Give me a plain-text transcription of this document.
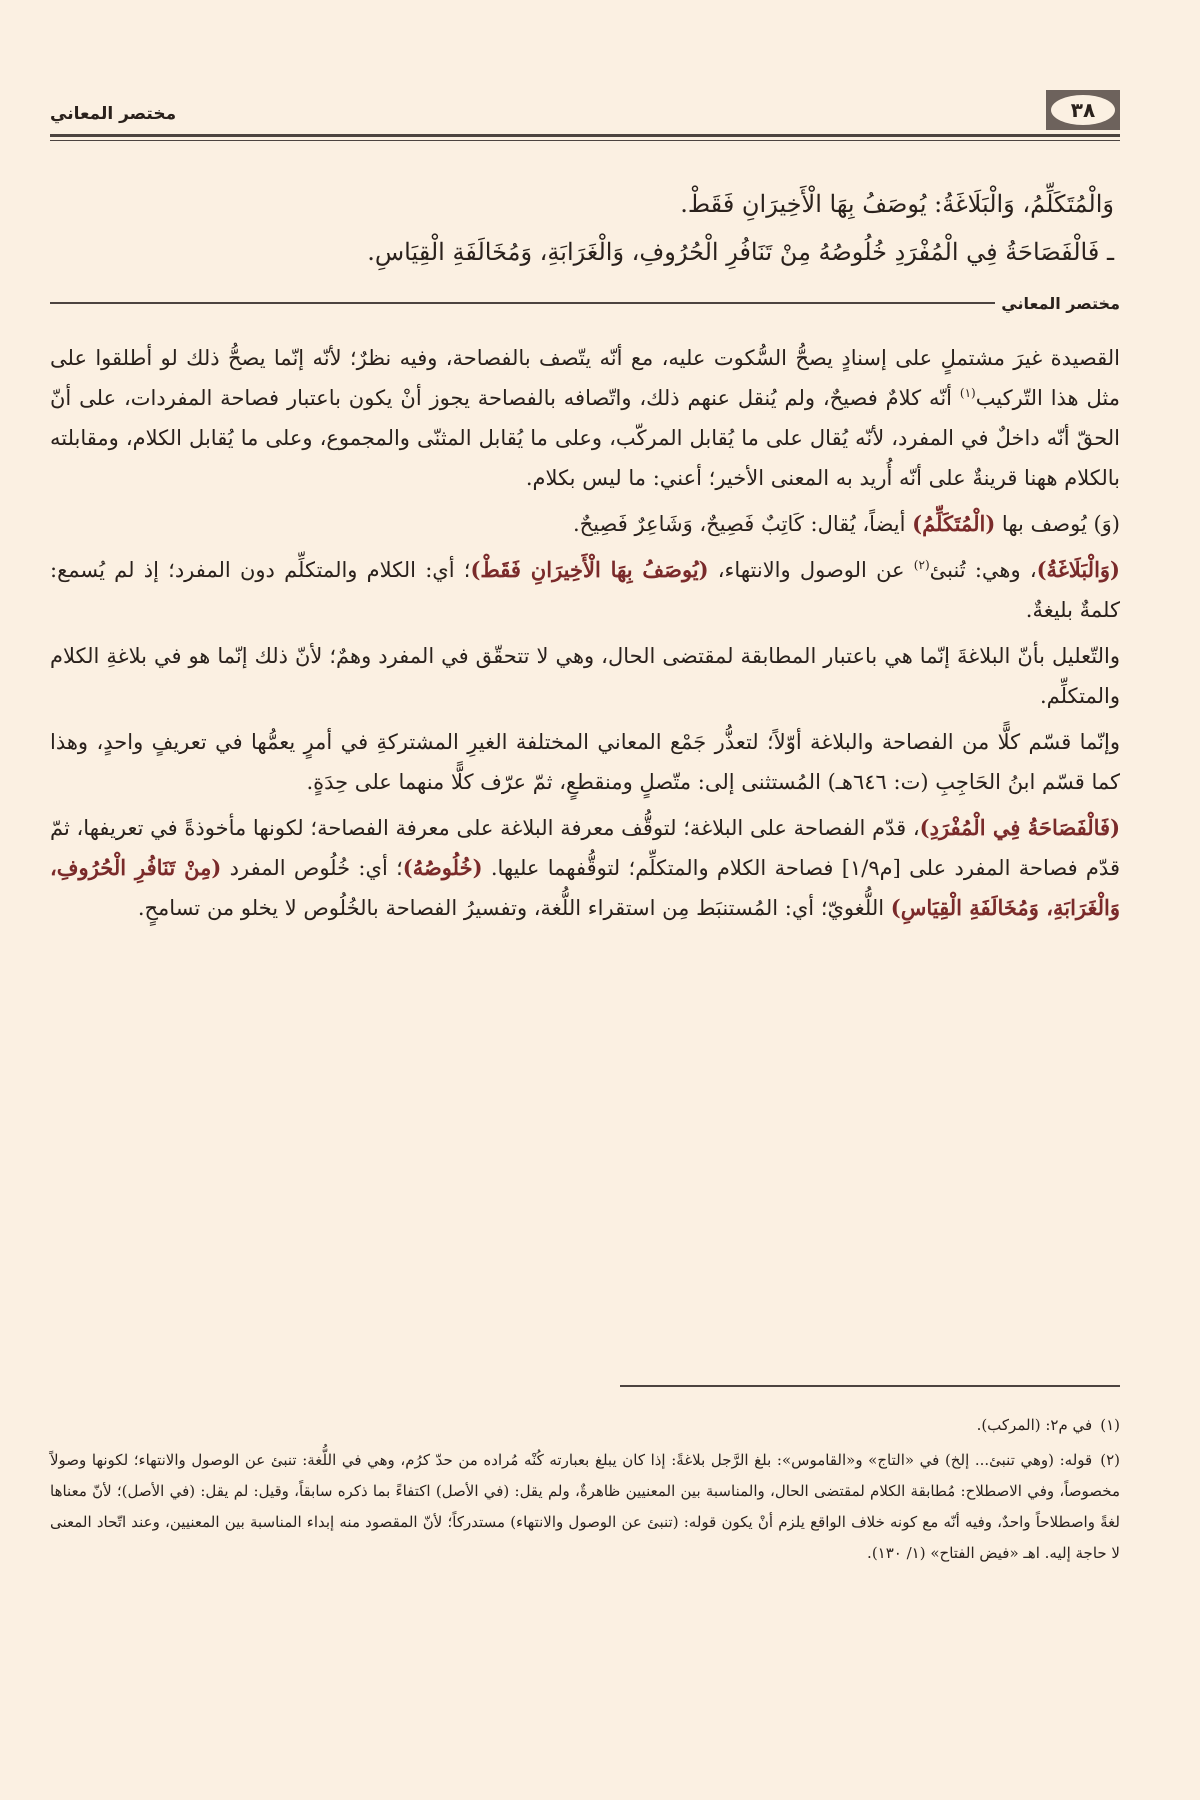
مختصر المعاني	٣٨

وَالْمُتَكَلِّمُ، وَالْبَلَاغَةُ: يُوصَفُ بِهَا الْأَخِيرَانِ فَقَطْ.

ـ فَالْفَصَاحَةُ فِي الْمُفْرَدِ خُلُوصُهُ مِنْ تَنَافُرِ الْحُرُوفِ، وَالْغَرَابَةِ، وَمُخَالَفَةِ الْقِيَاسِ.

مختصر المعاني

القصيدة غيرَ مشتملٍ على إسنادٍ يصحُّ السُّكوت عليه، مع أنّه يتّصف بالفصاحة، وفيه نظرٌ؛ لأنّه إنّما يصحُّ ذلك لو أطلقوا على مثل هذا التّركيب$^{(١)}$ أنّه كلامٌ فصيحٌ، ولم يُنقل عنهم ذلك، واتّصافه بالفصاحة يجوز أنْ يكون باعتبار فصاحة المفردات، على أنّ الحقّ أنّه داخلٌ في المفرد، لأنّه يُقال على ما يُقابل المركّب، وعلى ما يُقابل المثنّى والمجموع، وعلى ما يُقابل الكلام، ومقابلته بالكلام ههنا قرينةٌ على أنّه أُريد به المعنى الأخير؛ أعني: ما ليس بكلام.

(وَ) يُوصف بها (الْمُتَكَلِّمُ) أيضاً، يُقال: كَاتِبٌ فَصِيحٌ، وَشَاعِرٌ فَصِيحٌ.

(وَالْبَلَاغَةُ)، وهي: تُنبئ$^{(٢)}$ عن الوصول والانتهاء، (يُوصَفُ بِهَا الْأَخِيرَانِ فَقَطْ)؛ أي: الكلام والمتكلِّم دون المفرد؛ إذ لم يُسمع: كلمةٌ بليغةٌ.

والتّعليل بأنّ البلاغةَ إنّما هي باعتبار المطابقة لمقتضى الحال، وهي لا تتحقّق في المفرد وهمٌ؛ لأنّ ذلك إنّما هو في بلاغةِ الكلام والمتكلِّم.

وإنّما قسّم كلًّا من الفصاحة والبلاغة أوّلاً؛ لتعذُّر جَمْع المعاني المختلفة الغيرِ المشتركةِ في أمرٍ يعمُّها في تعريفٍ واحدٍ، وهذا كما قسّم ابنُ الحَاجِبِ (ت: ٦٤٦هـ) المُستثنى إلى: متّصلٍ ومنقطعٍ، ثمّ عرّف كلًّا منهما على حِدَةٍ.

(فَالْفَصَاحَةُ فِي الْمُفْرَدِ)، قدّم الفصاحة على البلاغة؛ لتوقُّف معرفة البلاغة على معرفة الفصاحة؛ لكونها مأخوذةً في تعريفها، ثمّ قدّم فصاحة المفرد على [م١/٩] فصاحة الكلام والمتكلِّم؛ لتوقُّفهما عليها. (خُلُوصُهُ)؛ أي: خُلُوص المفرد (مِنْ تَنَافُرِ الْحُرُوفِ، وَالْغَرَابَةِ، وَمُخَالَفَةِ الْقِيَاسِ) اللُّغويّ؛ أي: المُستنبَط مِن استقراء اللُّغة، وتفسيرُ الفصاحة بالخُلُوص لا يخلو من تسامحٍ.

(١)في م٢: (المركب).

(٢)قوله: (وهي تنبئ... إلخ) في «التاج» و«القاموس»: بلغ الرَّجل بلاغةً: إذا كان يبلغ بعبارته كُنْه مُراده من حدّ كرُم، وهي في اللُّغة: تنبئ عن الوصول والانتهاء؛ لكونها وصولاً مخصوصاً، وفي الاصطلاح: مُطابقة الكلام لمقتضى الحال، والمناسبة بين المعنيين ظاهرةٌ، ولم يقل: (في الأصل) اكتفاءً بما ذكره سابقاً، وقيل: لم يقل: (في الأصل)؛ لأنّ معناها لغةً واصطلاحاً واحدٌ، وفيه أنّه مع كونه خلاف الواقع يلزم أنْ يكون قوله: (تنبئ عن الوصول والانتهاء) مستدركاً؛ لأنّ المقصود منه إبداء المناسبة بين المعنيين، وعند اتّحاد المعنى لا حاجة إليه. اهـ «فيض الفتاح» (١/ ١٣٠).
